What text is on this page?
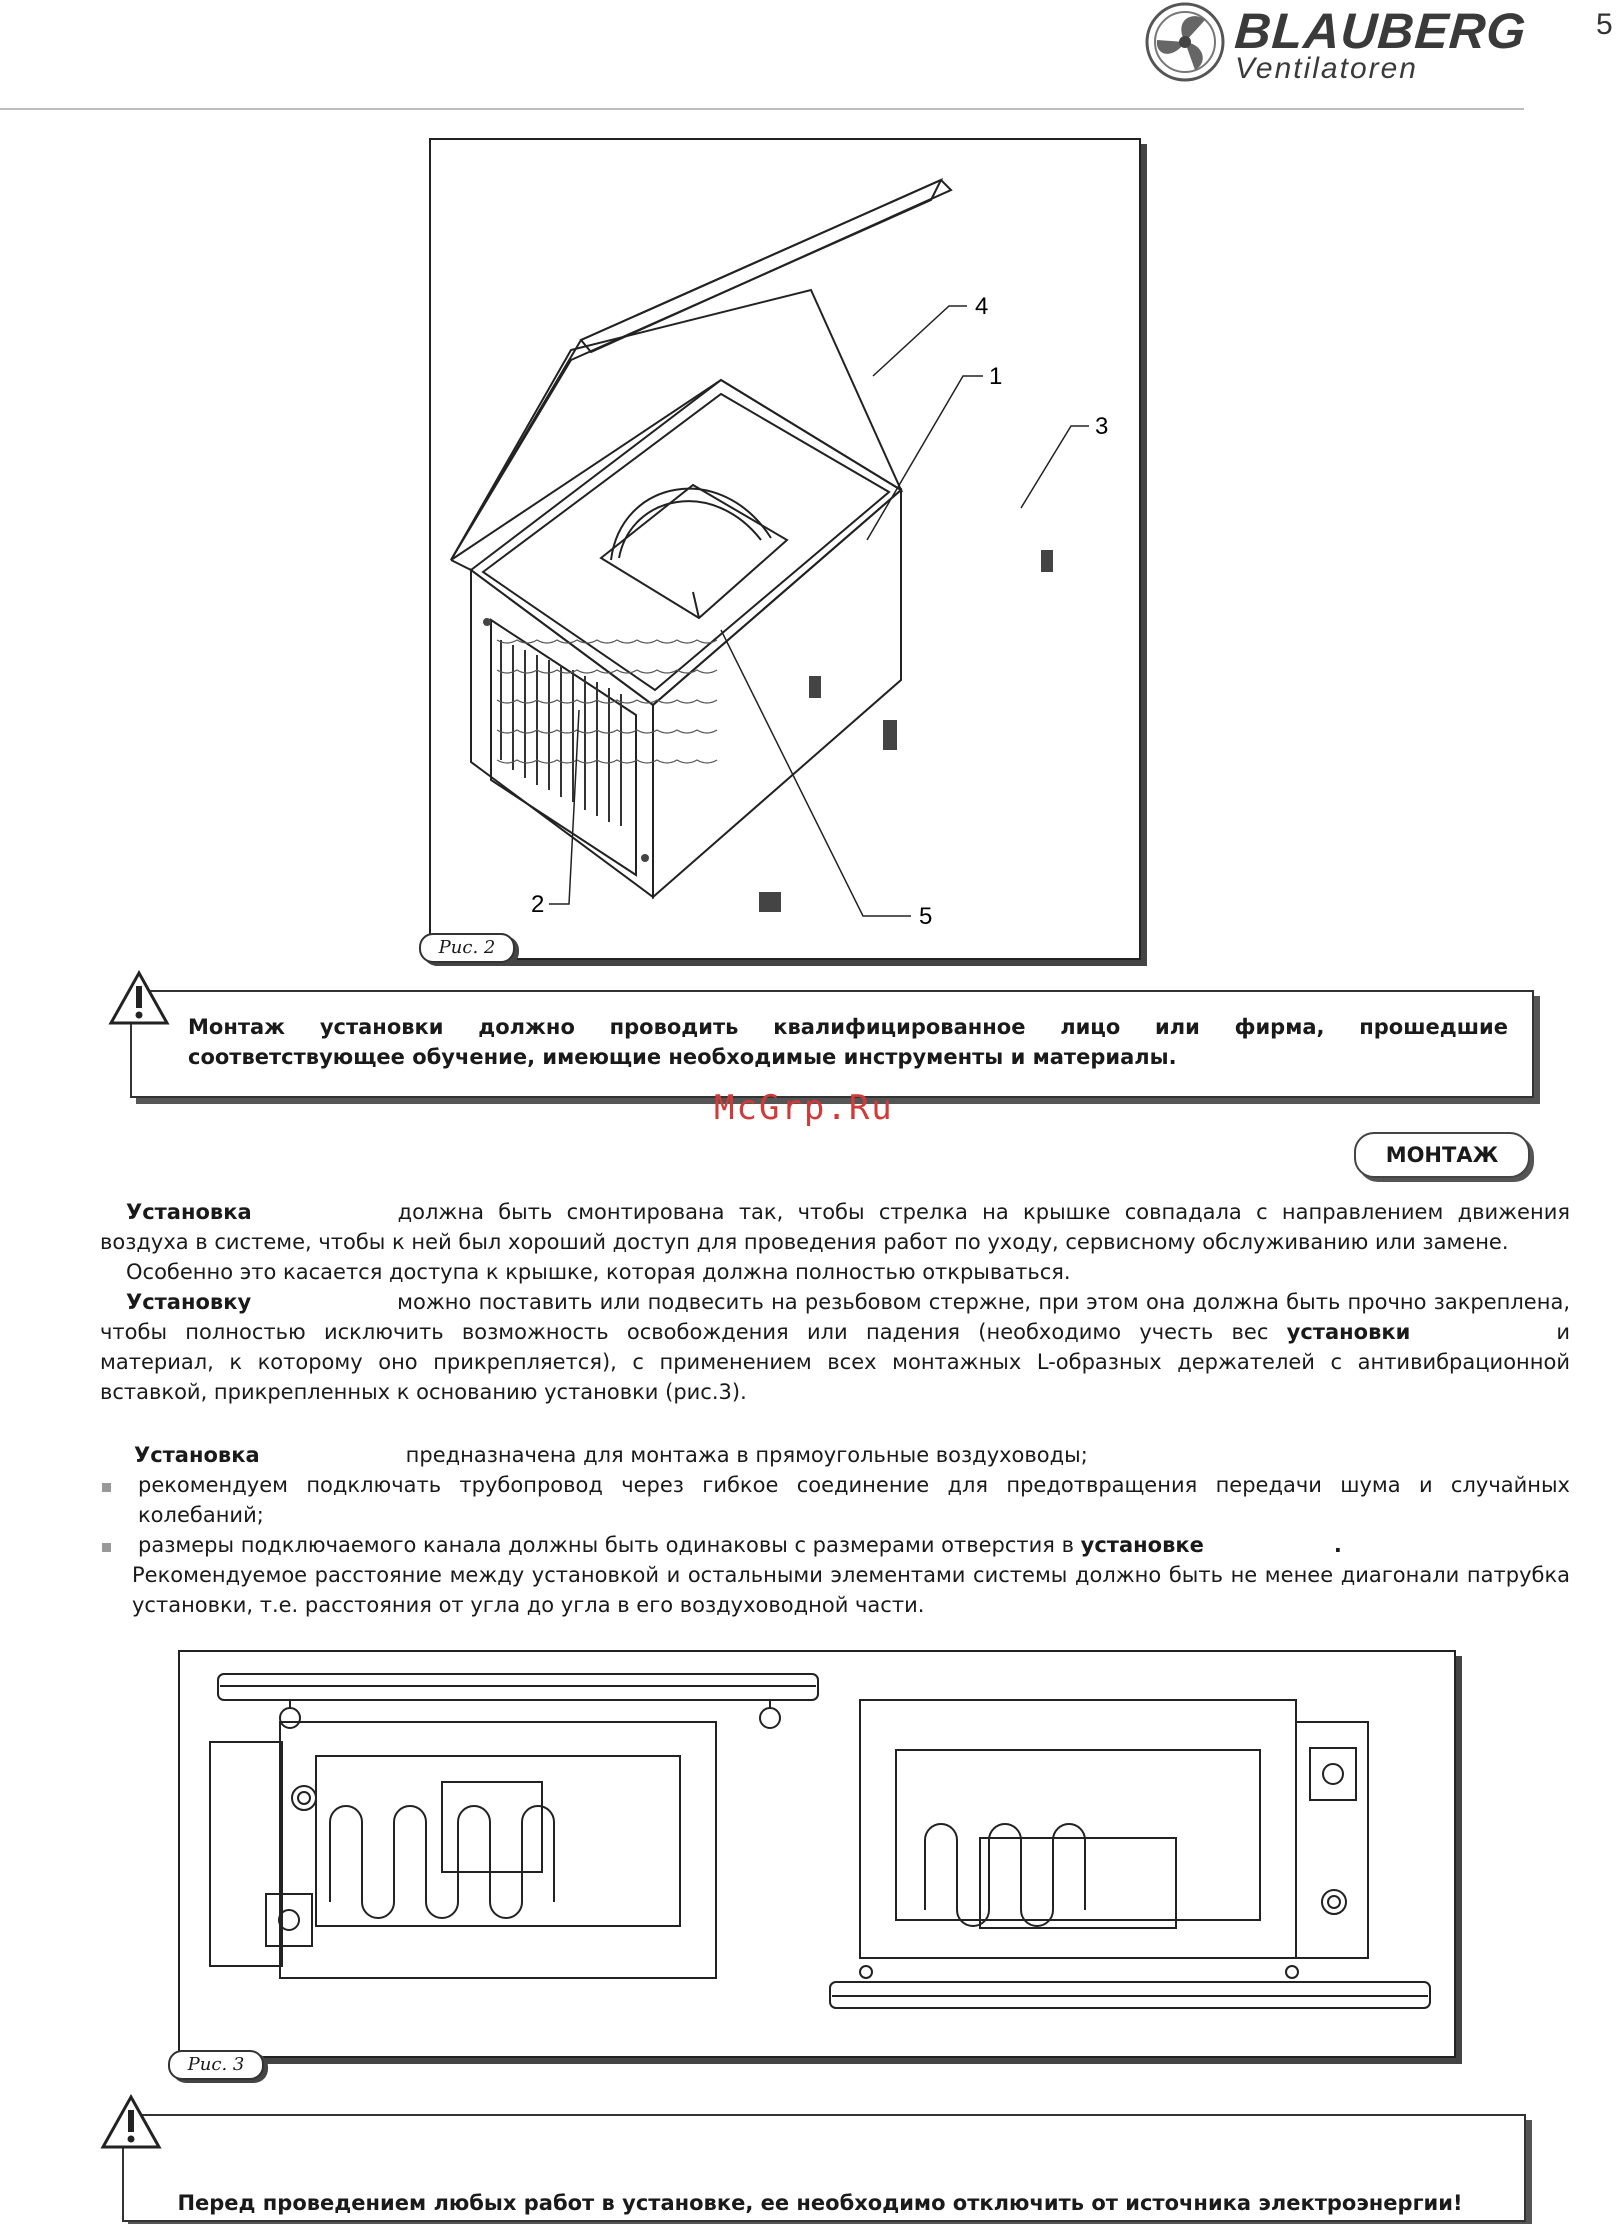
BLAUBERG
Ventilatoren
5
4
1
3
2	5
Рис. 2
Монтаж установки должно проводить квалифицированное лицо или фирма, прошедшие соответствующее обучение, имеющие необходимые инструменты и материалы.
McGrp.Ru
МОНТАЖ

Установка	должна быть смонтирована так, чтобы стрелка на крышке совпадала с направлением движения воздуха в системе, чтобы к ней был хороший доступ для проведения работ по уходу, сервисному обслуживанию или замене.

Особенно это касается доступа к крышке, которая должна полностью открываться.

Установку	можно поставить или подвесить на резьбовом стержне, при этом она должна быть прочно закреплена, чтобы полностью исключить возможность освобождения или падения (необходимо учесть вес установки	и материал, к которому оно прикрепляется), с применением всех монтажных L-образных держателей с антивибрационной вставкой, прикрепленных к основанию установки (рис.3).

Установка	предназначена для монтажа в прямоугольные воздуховоды;

рекомендуем подключать трубопровод через гибкое соединение для предотвращения передачи шума и случайных колебаний;

размеры подключаемого канала должны быть одинаковы с размерами отверстия в установке	.

Рекомендуемое расстояние между установкой и остальными элементами системы должно быть не менее диагонали патрубка установки, т.е. расстояния от угла до угла в его воздуховодной части.

Рис. 3
Перед проведением любых работ в установке, ее необходимо отключить от источника электроэнергии!
